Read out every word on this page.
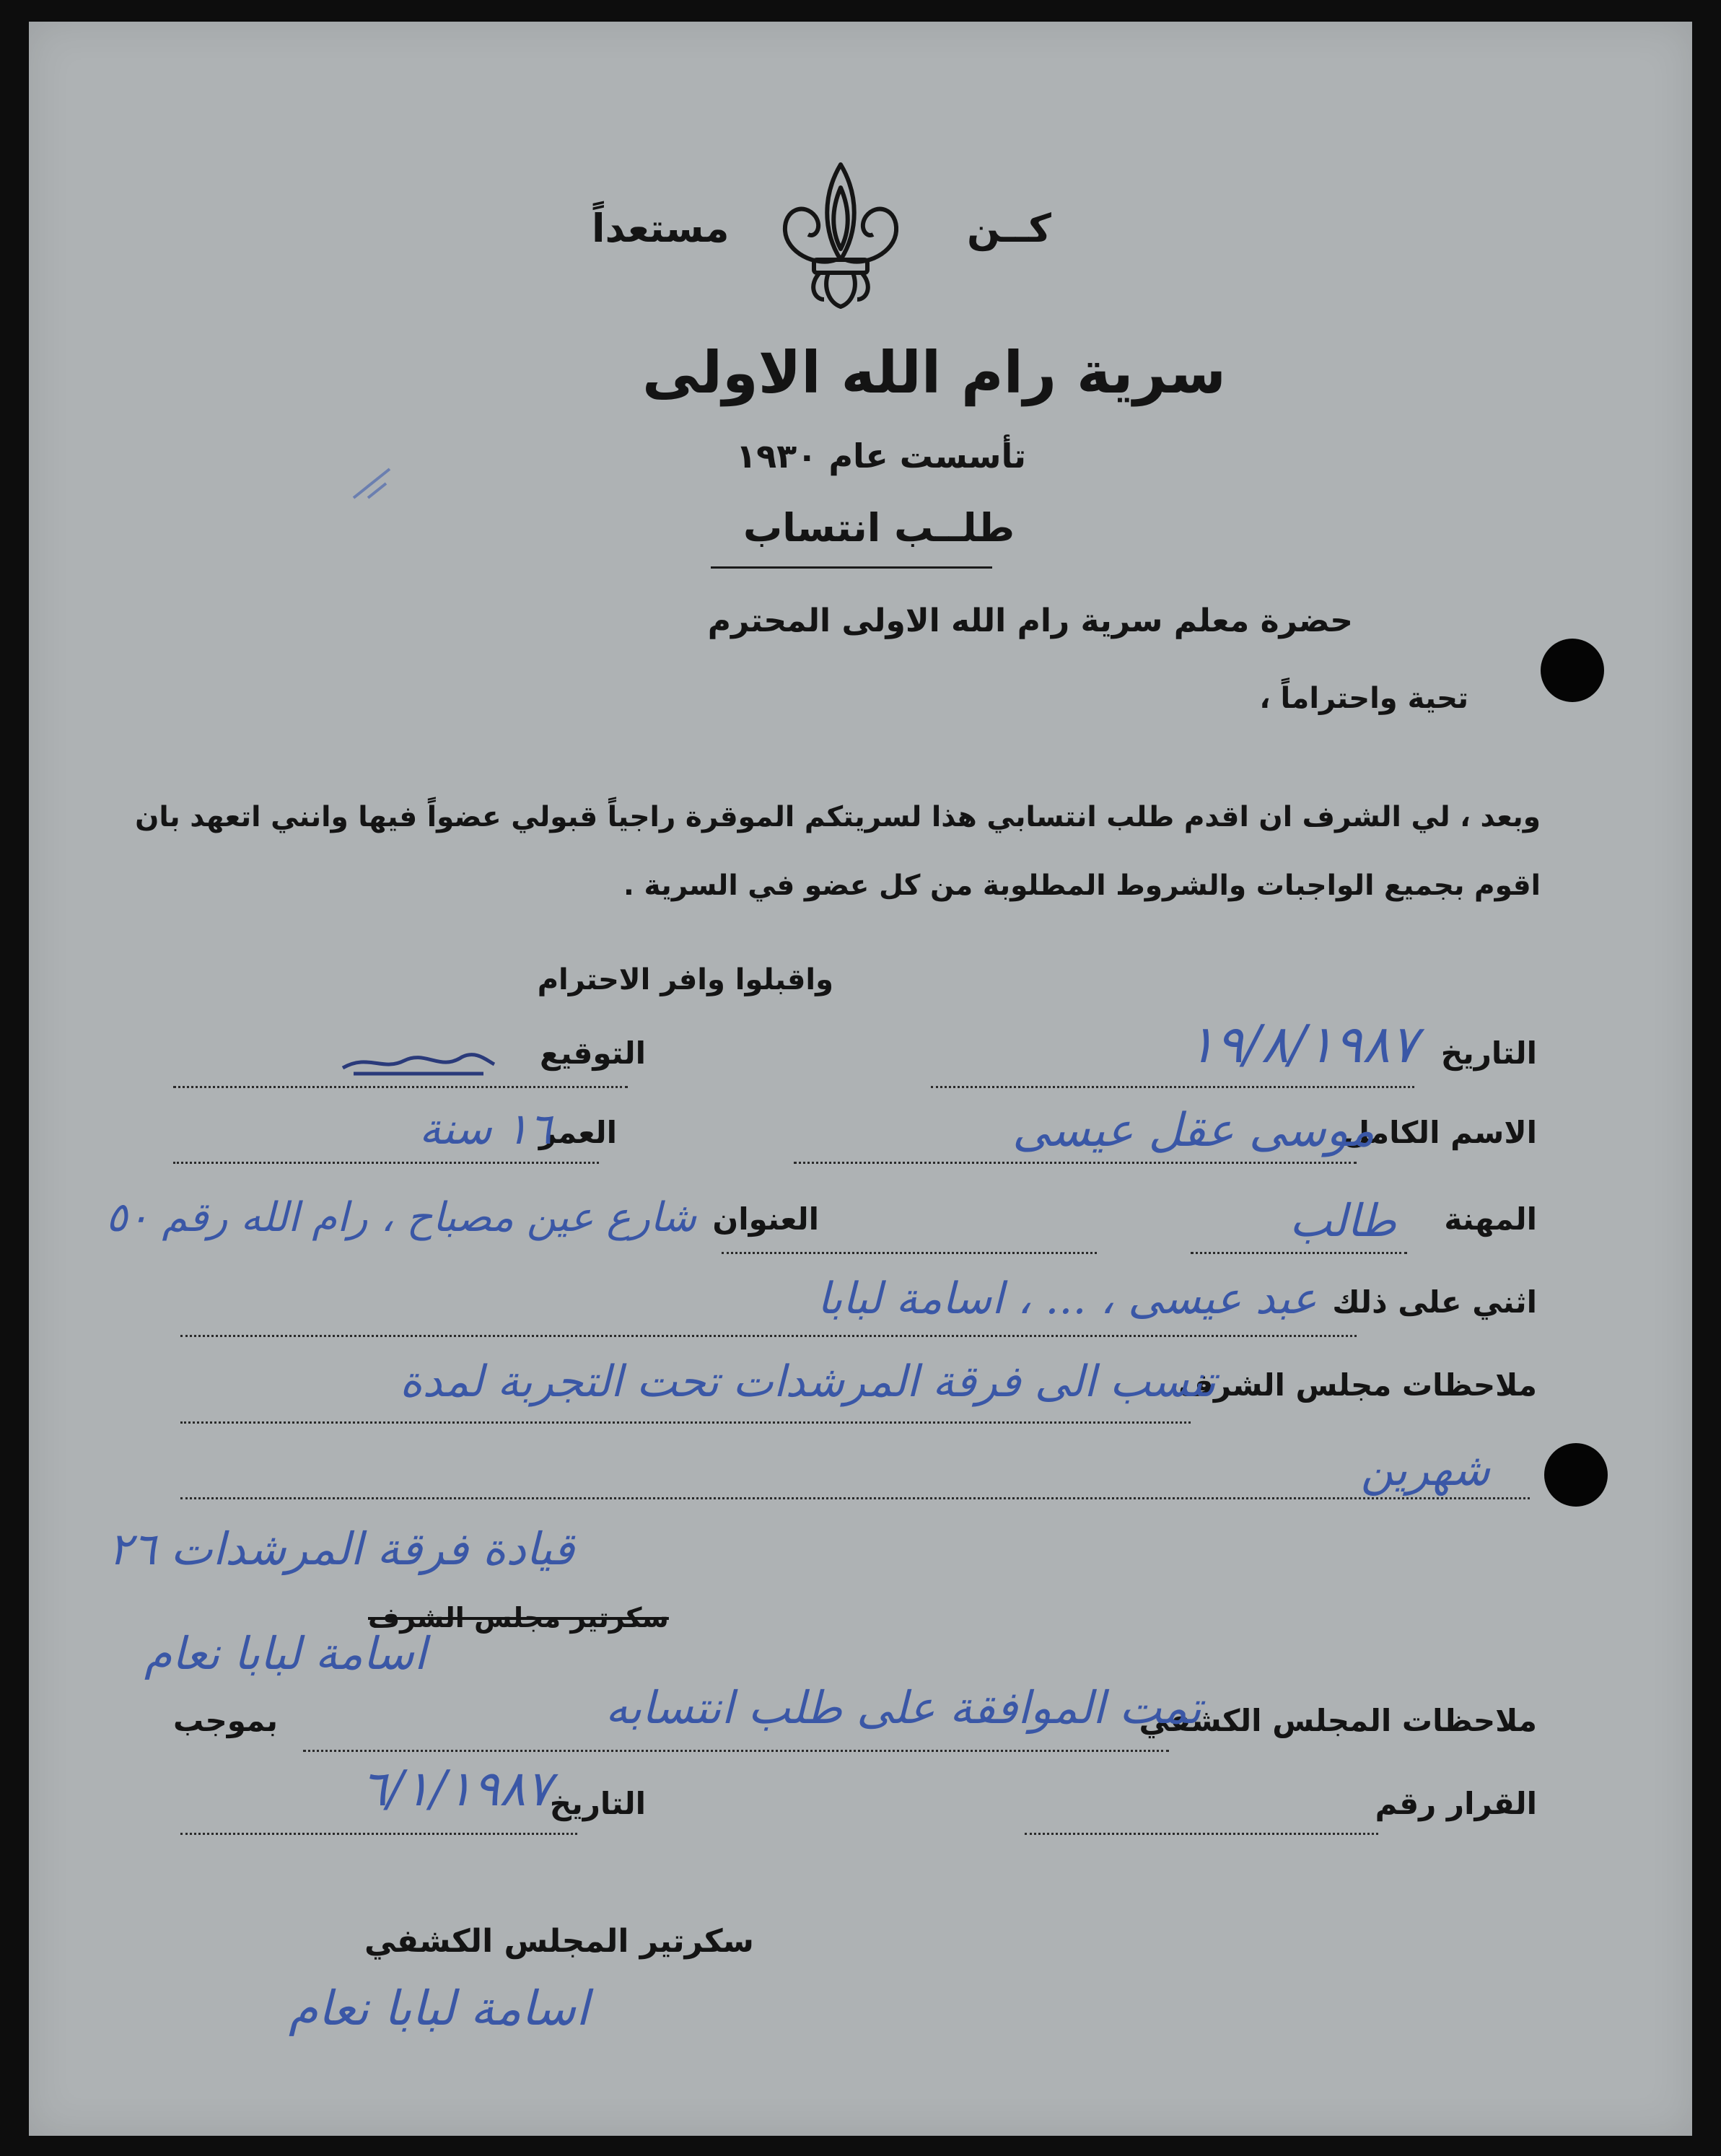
كــن
مستعداً
سرية رام الله الاولى
تأسست عام ١٩٣٠
طلــب انتساب
حضرة معلم سرية رام الله الاولى المحترم
تحية واحتراماً ،
وبعد ، لي الشرف ان اقدم طلب انتسابي هذا لسريتكم الموقرة راجياً قبولي عضواً فيها وانني اتعهد بان
اقوم بجميع الواجبات والشروط المطلوبة من كل عضو في السرية .
واقبلوا وافر الاحترام
التاريخ
١٩/٨/١٩٨٧
التوقيع
الاسم الكامل
موسى عقل عيسى
العمر
١٦ سنة
المهنة
طالب
العنوان
شارع عين مصباح ، رام الله رقم ٥٠
اثني على ذلك
عبد عيسى ، ... ، اسامة لبابا
ملاحظات مجلس الشرف
تنسب الى فرقة المرشدات تحت التجربة لمدة
شهرين
قيادة فرقة المرشدات ٢٦
سكرتير مجلس الشرف
اسامة لبابا نعام
ملاحظات المجلس الكشفي
تمت الموافقة على طلب انتسابه
بموجب
القرار رقم
التاريخ
٦/١/١٩٨٧
سكرتير المجلس الكشفي
اسامة لبابا نعام
